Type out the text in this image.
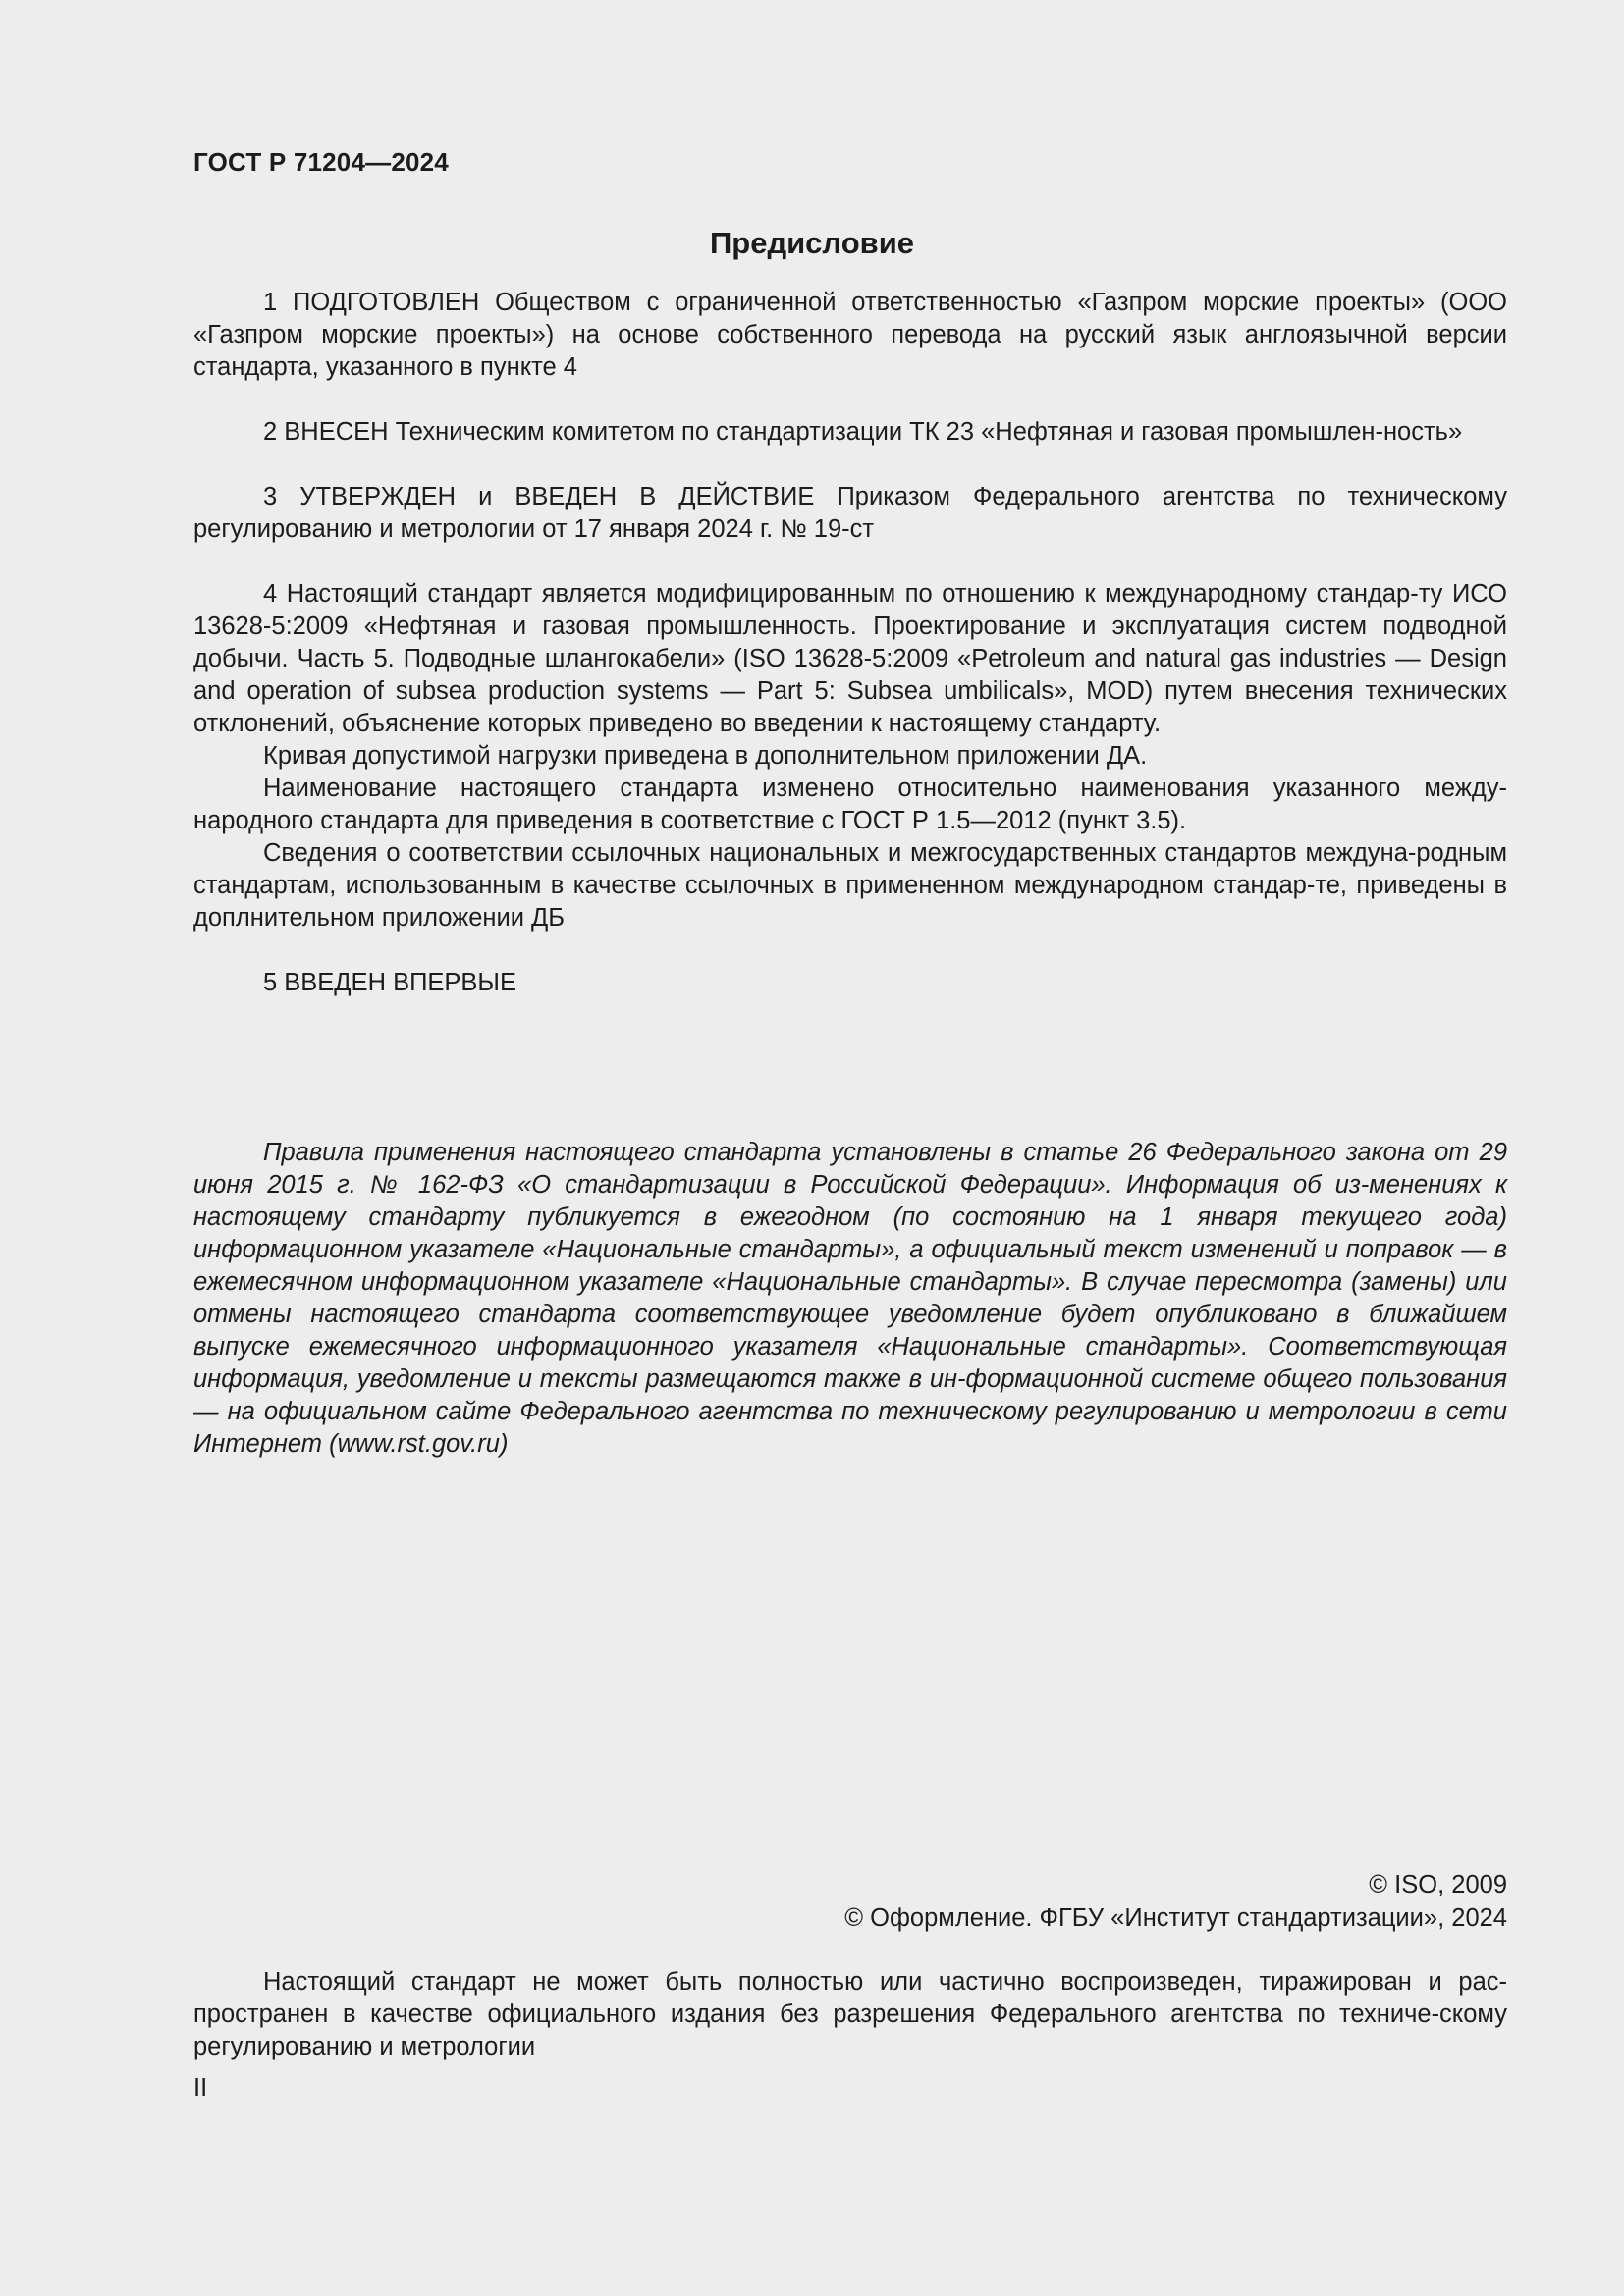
ГОСТ Р 71204—2024
Предисловие

1 ПОДГОТОВЛЕН Обществом с ограниченной ответственностью «Газпром морские проекты» (ООО «Газпром морские проекты») на основе собственного перевода на русский язык англоязычной версии стандарта, указанного в пункте 4

2 ВНЕСЕН Техническим комитетом по стандартизации ТК 23 «Нефтяная и газовая промышлен-ность»

3 УТВЕРЖДЕН и ВВЕДЕН В ДЕЙСТВИЕ Приказом Федерального агентства по техническому регулированию и метрологии от 17 января 2024 г. № 19-ст

4 Настоящий стандарт является модифицированным по отношению к международному стандар-ту ИСО 13628-5:2009 «Нефтяная и газовая промышленность. Проектирование и эксплуатация систем подводной добычи. Часть 5. Подводные шлангокабели» (ISO 13628-5:2009 «Petroleum and natural gas industries — Design and operation of subsea production systems — Part 5: Subsea umbilicals», MOD) путем внесения технических отклонений, объяснение которых приведено во введении к настоящему стандарту.

Кривая допустимой нагрузки приведена в дополнительном приложении ДА.

Наименование настоящего стандарта изменено относительно наименования указанного между-народного стандарта для приведения в соответствие с ГОСТ Р 1.5—2012 (пункт 3.5).

Сведения о соответствии ссылочных национальных и межгосударственных стандартов междуна-родным стандартам, использованным в качестве ссылочных в примененном международном стандар-те, приведены в доплнительном приложении ДБ

5 ВВЕДЕН ВПЕРВЫЕ

Правила применения настоящего стандарта установлены в статье 26 Федерального закона от 29 июня 2015 г. № 162-ФЗ «О стандартизации в Российской Федерации». Информация об из-менениях к настоящему стандарту публикуется в ежегодном (по состоянию на 1 января текущего года) информационном указателе «Национальные стандарты», а официальный текст изменений и поправок — в ежемесячном информационном указателе «Национальные стандарты». В случае пересмотра (замены) или отмены настоящего стандарта соответствующее уведомление будет опубликовано в ближайшем выпуске ежемесячного информационного указателя «Национальные стандарты». Соответствующая информация, уведомление и тексты размещаются также в ин-формационной системе общего пользования — на официальном сайте Федерального агентства по техническому регулированию и метрологии в сети Интернет (www.rst.gov.ru)
© ISO, 2009
© Оформление. ФГБУ «Институт стандартизации», 2024
Настоящий стандарт не может быть полностью или частично воспроизведен, тиражирован и рас-пространен в качестве официального издания без разрешения Федерального агентства по техниче-скому регулированию и метрологии
II
